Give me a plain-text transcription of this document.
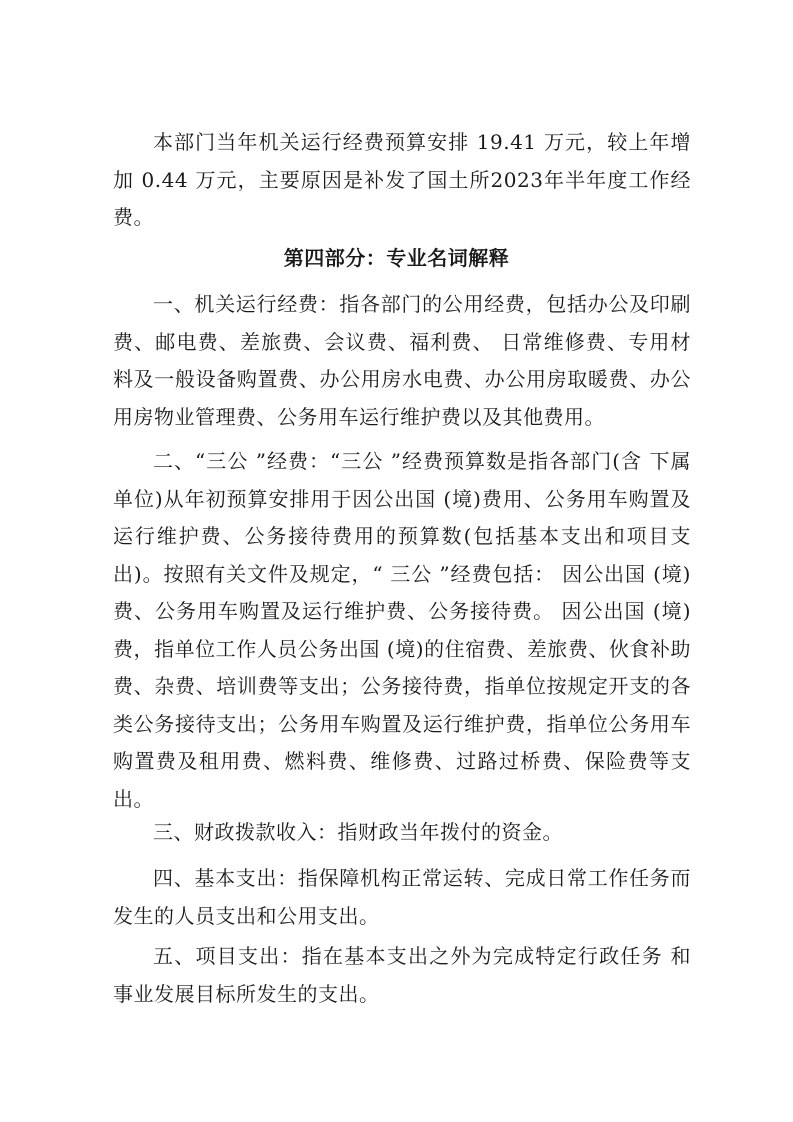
本部门当年机关运行经费预算安排 19.41 万元，较上年增加 0.44 万元，主要原因是补发了国土所2023年半年度工作经费。

第四部分：专业名词解释

一、机关运行经费：指各部门的公用经费，包括办公及印刷费、邮电费、差旅费、会议费、福利费、 日常维修费、专用材料及一般设备购置费、办公用房水电费、办公用房取暖费、办公用房物业管理费、公务用车运行维护费以及其他费用。

二、“三公 ”经费：“三公 ”经费预算数是指各部门(含 下属单位)从年初预算安排用于因公出国 (境)费用、公务用车购置及运行维护费、公务接待费用的预算数(包括基本支出和项目支出)。按照有关文件及规定，“ 三公 ”经费包括： 因公出国 (境)费、公务用车购置及运行维护费、公务接待费。 因公出国 (境)费，指单位工作人员公务出国 (境)的住宿费、差旅费、伙食补助费、杂费、培训费等支出；公务接待费，指单位按规定开支的各类公务接待支出；公务用车购置及运行维护费，指单位公务用车购置费及租用费、燃料费、维修费、过路过桥费、保险费等支出。

三、财政拨款收入：指财政当年拨付的资金。

四、基本支出：指保障机构正常运转、完成日常工作任务而发生的人员支出和公用支出。

五、项目支出：指在基本支出之外为完成特定行政任务 和事业发展目标所发生的支出。
